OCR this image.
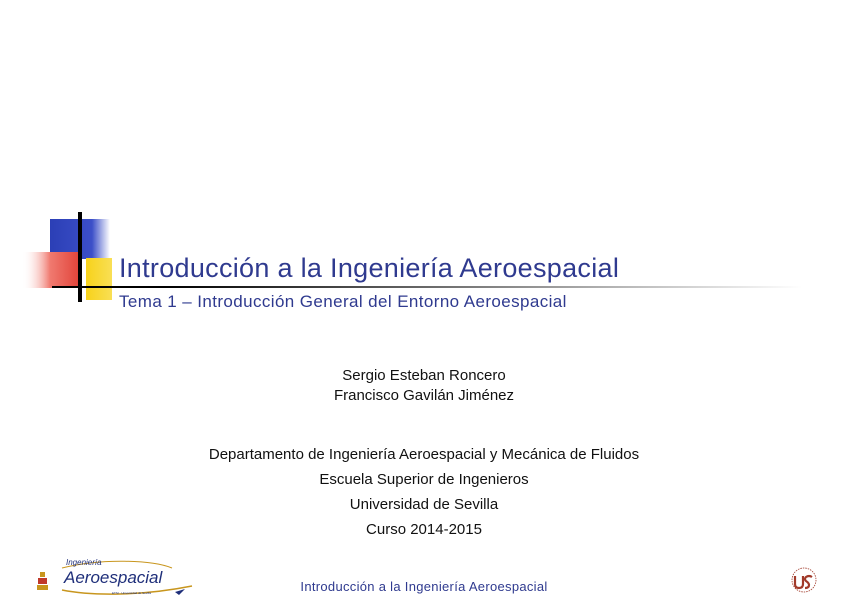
Introducción a la Ingeniería Aeroespacial
Tema 1 – Introducción General del Entorno Aeroespacial
Sergio Esteban Roncero
Francisco Gavilán Jiménez
Departamento de Ingeniería Aeroespacial y Mecánica de Fluidos
Escuela Superior de Ingenieros
Universidad de Sevilla
Curso 2014-2015
Ingeniería
Aeroespacial
ETSI · Universidad de Sevilla	Introducción a la Ingeniería Aeroespacial
